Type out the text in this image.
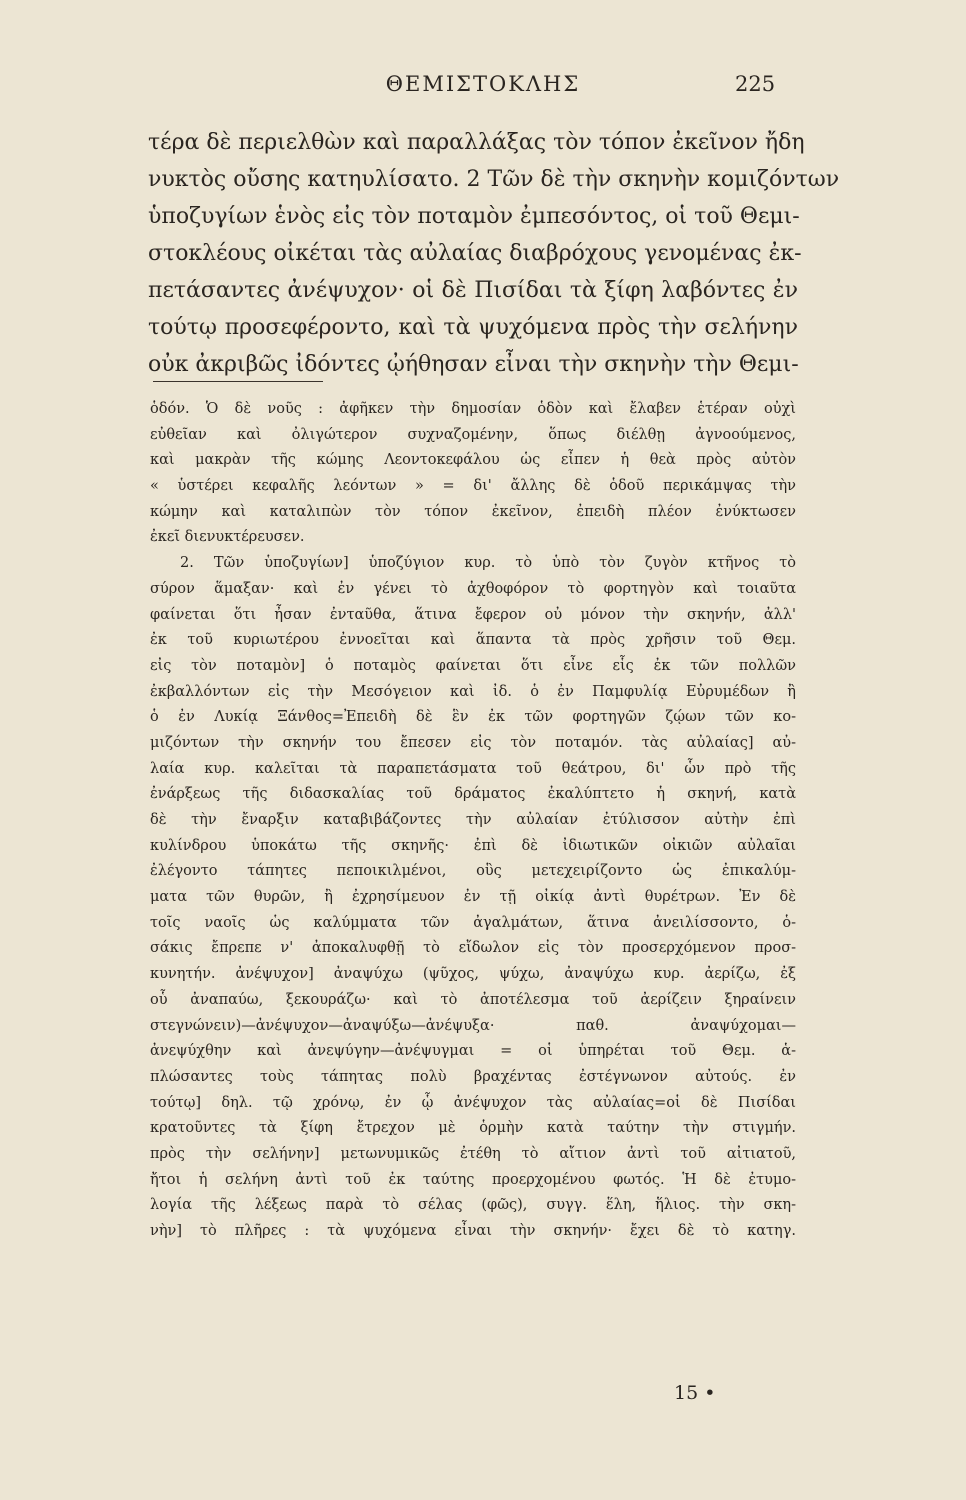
ΘΕΜΙΣΤΟΚΛΗΣ	225
τέρα δὲ περιελθὼν καὶ παραλλάξας τὸν τόπον ἐκεῖνον ἤδη
νυκτὸς οὔσης κατηυλίσατο. 2 Τῶν δὲ τὴν σκηνὴν κομιζόντων
ὑποζυγίων ἑνὸς εἰς τὸν ποταμὸν ἐμπεσόντος, οἱ τοῦ Θεμι-
στοκλέους οἰκέται τὰς αὐλαίας διαβρόχους γενομένας ἐκ-
πετάσαντες ἀνέψυχον· οἱ δὲ Πισίδαι τὰ ξίφη λαβόντες ἐν
τούτῳ προσεφέροντο, καὶ τὰ ψυχόμενα πρὸς τὴν σελήνην
οὐκ ἀκριβῶς ἰδόντες ᾠήθησαν εἶναι τὴν σκηνὴν τὴν Θεμι-
ὁδόν. Ὁ δὲ νοῦς : ἀφῆκεν τὴν δημοσίαν ὁδὸν καὶ ἔλαβεν ἑτέραν οὐχὶ
εὐθεῖαν καὶ ὀλιγώτερον συχναζομένην, ὅπως διέλθῃ ἀγνοούμενος,
καὶ μακρὰν τῆς κώμης Λεοντοκεφάλου ὡς εἶπεν ἡ θεὰ πρὸς αὐτὸν
« ὑστέρει κεφαλῆς λεόντων » = δι' ἄλλης δὲ ὁδοῦ περικάμψας τὴν
κώμην καὶ καταλιπὼν τὸν τόπον ἐκεῖνον, ἐπειδὴ πλέον ἐνύκτωσεν
ἐκεῖ διενυκτέρευσεν.
2. Τῶν ὑποζυγίων] ὑποζύγιον κυρ. τὸ ὑπὸ τὸν ζυγὸν κτῆνος τὸ
σύρον ἅμαξαν· καὶ ἐν γένει τὸ ἀχθοφόρον τὸ φορτηγὸν καὶ τοιαῦτα
φαίνεται ὅτι ἦσαν ἐνταῦθα, ἅτινα ἔφερον οὐ μόνον τὴν σκηνήν, ἀλλ'
ἐκ τοῦ κυριωτέρου ἐννοεῖται καὶ ἅπαντα τὰ πρὸς χρῆσιν τοῦ Θεμ.
εἰς τὸν ποταμὸν] ὁ ποταμὸς φαίνεται ὅτι εἶνε εἷς ἐκ τῶν πολλῶν
ἐκβαλλόντων εἰς τὴν Μεσόγειον καὶ ἰδ. ὁ ἐν Παμφυλίᾳ Εὐρυμέδων ἢ
ὁ ἐν Λυκίᾳ Ξάνθος=Ἐπειδὴ δὲ ἓν ἐκ τῶν φορτηγῶν ζῴων τῶν κο-
μιζόντων τὴν σκηνήν του ἔπεσεν εἰς τὸν ποταμόν. τὰς αὐλαίας] αὐ-
λαία κυρ. καλεῖται τὰ παραπετάσματα τοῦ θεάτρου, δι' ὧν πρὸ τῆς
ἐνάρξεως τῆς διδασκαλίας τοῦ δράματος ἐκαλύπτετο ἡ σκηνή, κατὰ
δὲ τὴν ἔναρξιν καταβιβάζοντες τὴν αὐλαίαν ἐτύλισσον αὐτὴν ἐπὶ
κυλίνδρου ὑποκάτω τῆς σκηνῆς· ἐπὶ δὲ ἰδιωτικῶν οἰκιῶν αὐλαῖαι
ἐλέγοντο τάπητες πεποικιλμένοι, οὓς μετεχειρίζοντο ὡς ἐπικαλύμ-
ματα τῶν θυρῶν, ἢ ἐχρησίμευον ἐν τῇ οἰκίᾳ ἀντὶ θυρέτρων. Ἐν δὲ
τοῖς ναοῖς ὡς καλύμματα τῶν ἀγαλμάτων, ἅτινα ἀνειλίσσοντο, ὁ-
σάκις ἔπρεπε ν' ἀποκαλυφθῇ τὸ εἴδωλον εἰς τὸν προσερχόμενον προσ-
κυνητήν. ἀνέψυχον] ἀναψύχω (ψῦχος, ψύχω, ἀναψύχω κυρ. ἀερίζω, ἐξ
οὗ ἀναπαύω, ξεκουράζω· καὶ τὸ ἀποτέλεσμα τοῦ ἀερίζειν ξηραίνειν
στεγνώνειν)—ἀνέψυχον—ἀναψύξω—ἀνέψυξα· παθ. ἀναψύχομαι—
ἀνεψύχθην καὶ ἀνεψύγην—ἀνέψυγμαι = οἱ ὑπηρέται τοῦ Θεμ. ἁ-
πλώσαντες τοὺς τάπητας πολὺ βραχέντας ἐστέγνωνον αὐτούς. ἐν
τούτῳ] δηλ. τῷ χρόνῳ, ἐν ᾧ ἀνέψυχον τὰς αὐλαίας=οἱ δὲ Πισίδαι
κρατοῦντες τὰ ξίφη ἔτρεχον μὲ ὁρμὴν κατὰ ταύτην τὴν στιγμήν.
πρὸς τὴν σελήνην] μετωνυμικῶς ἐτέθη τὸ αἴτιον ἀντὶ τοῦ αἰτιατοῦ,
ἤτοι ἡ σελήνη ἀντὶ τοῦ ἐκ ταύτης προερχομένου φωτός. Ἡ δὲ ἐτυμο-
λογία τῆς λέξεως παρὰ τὸ σέλας (φῶς), συγγ. ἕλη, ἥλιος. τὴν σκη-
νὴν] τὸ πλῆρες : τὰ ψυχόμενα εἶναι τὴν σκηνήν· ἔχει δὲ τὸ κατηγ.
15 •
